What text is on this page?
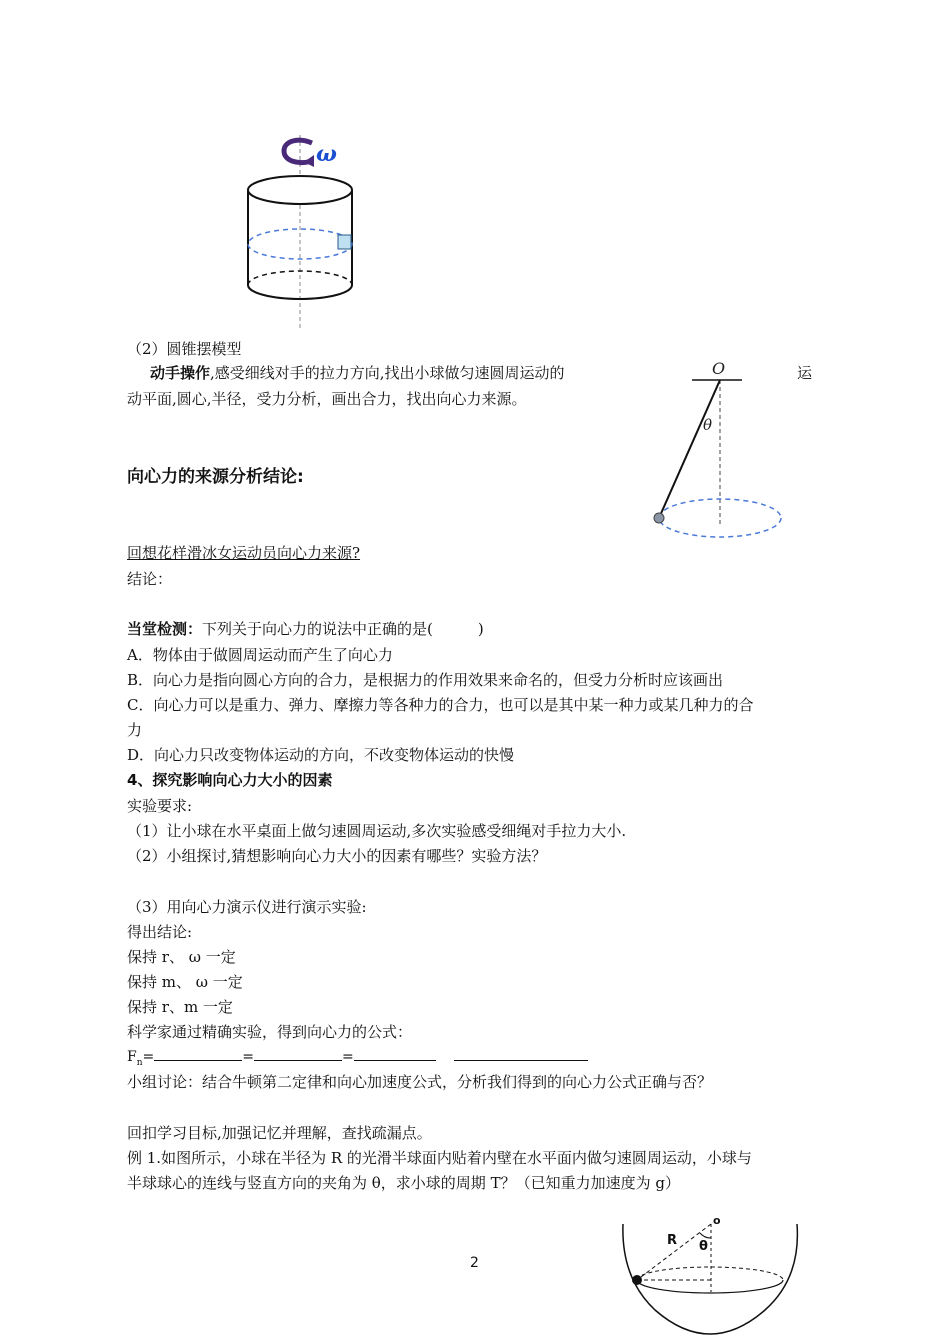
ω
（2）圆锥摆模型
动手操作,感受细线对手的拉力方向,找出小球做匀速圆周运动的	运
动平面,圆心,半径，受力分析，画出合力，找出向心力来源。
O
θ
向心力的来源分析结论:
回想花样滑冰女运动员向心力来源?
结论：
当堂检测：下列关于向心力的说法中正确的是(　　　)
A．物体由于做圆周运动而产生了向心力
B．向心力是指向圆心方向的合力，是根据力的作用效果来命名的，但受力分析时应该画出
C．向心力可以是重力、弹力、摩擦力等各种力的合力，也可以是其中某一种力或某几种力的合
力
D．向心力只改变物体运动的方向，不改变物体运动的快慢
4、探究影响向心力大小的因素
实验要求:
（1）让小球在水平桌面上做匀速圆周运动,多次实验感受细绳对手拉力大小.
（2）小组探讨,猜想影响向心力大小的因素有哪些？实验方法？
（3）用向心力演示仪进行演示实验:
得出结论:
保持 r、 ω 一定
保持 m、 ω 一定
保持 r、m 一定
科学家通过精确实验，得到向心力的公式：
$F_n=$	=	=
小组讨论：结合牛顿第二定律和向心加速度公式，分析我们得到的向心力公式正确与否？
回扣学习目标,加强记忆并理解，查找疏漏点。
例 1.如图所示，小球在半径为 R 的光滑半球面内贴着内壁在水平面内做匀速圆周运动，小球与
半球球心的连线与竖直方向的夹角为 θ，求小球的周期 T？（已知重力加速度为 g）
2
R
o
θ
